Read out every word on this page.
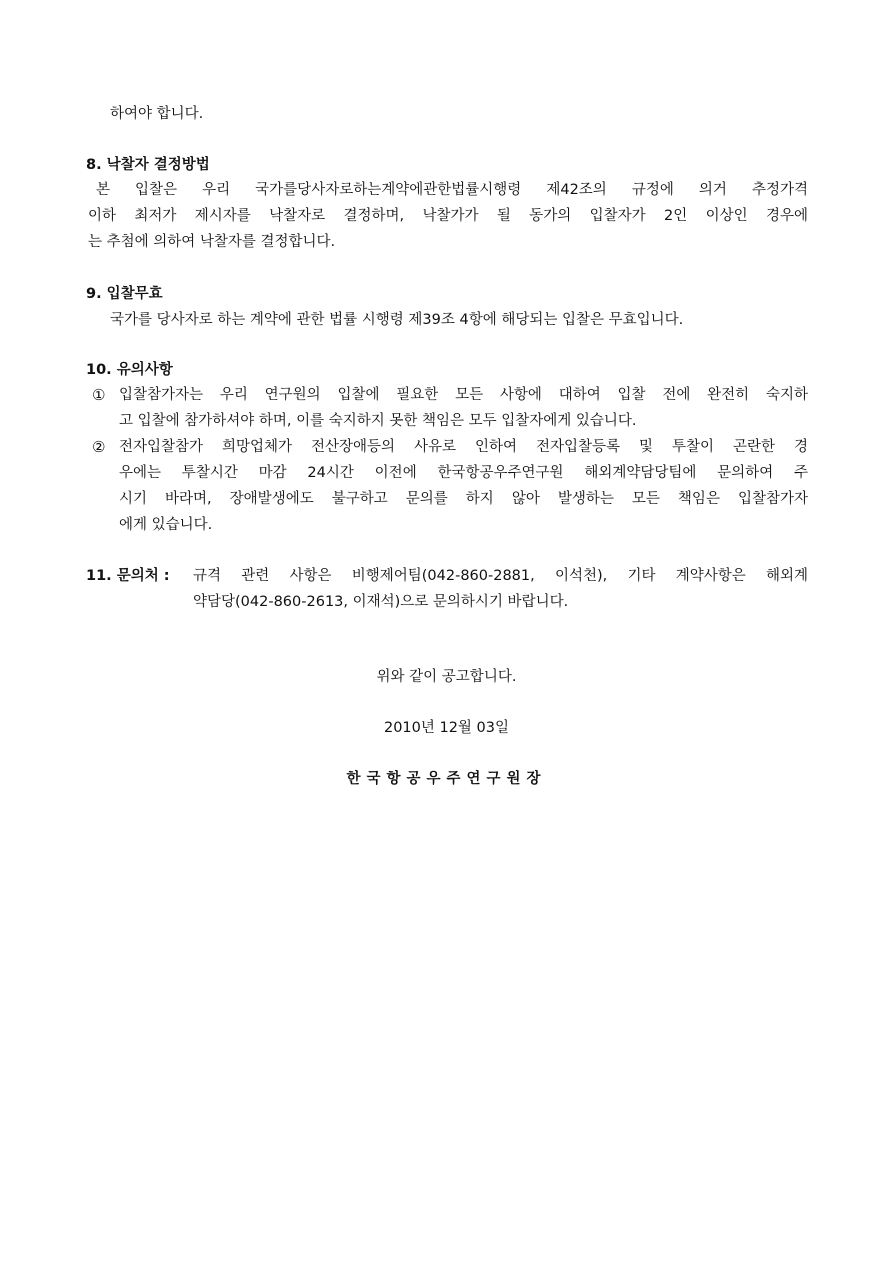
하여야 합니다.
8. 낙찰자 결정방법
본 입찰은 우리 국가를당사자로하는계약에관한법률시행령 제42조의 규정에 의거 추정가격
이하 최저가 제시자를 낙찰자로 결정하며, 낙찰가가 될 동가의 입찰자가 2인 이상인 경우에
는 추첨에 의하여 낙찰자를 결정합니다.
9. 입찰무효
국가를 당사자로 하는 계약에 관한 법률 시행령 제39조 4항에 해당되는 입찰은 무효입니다.
10. 유의사항
① 입찰참가자는 우리 연구원의 입찰에 필요한 모든 사항에 대하여 입찰 전에 완전히 숙지하
고 입찰에 참가하셔야 하며, 이를 숙지하지 못한 책임은 모두 입찰자에게 있습니다.
② 전자입찰참가 희망업체가 전산장애등의 사유로 인하여 전자입찰등록 및 투찰이 곤란한 경
우에는 투찰시간 마감 24시간 이전에 한국항공우주연구원 해외계약담당팀에 문의하여 주
시기 바라며, 장애발생에도 불구하고 문의를 하지 않아 발생하는 모든 책임은 입찰참가자
에게 있습니다.
11. 문의처 : 규격 관련 사항은 비행제어팀(042-860-2881, 이석천), 기타 계약사항은 해외계
약담당(042-860-2613, 이재석)으로 문의하시기 바랍니다.
위와 같이 공고합니다.
2010년 12월 03일
한국항공우주연구원장
